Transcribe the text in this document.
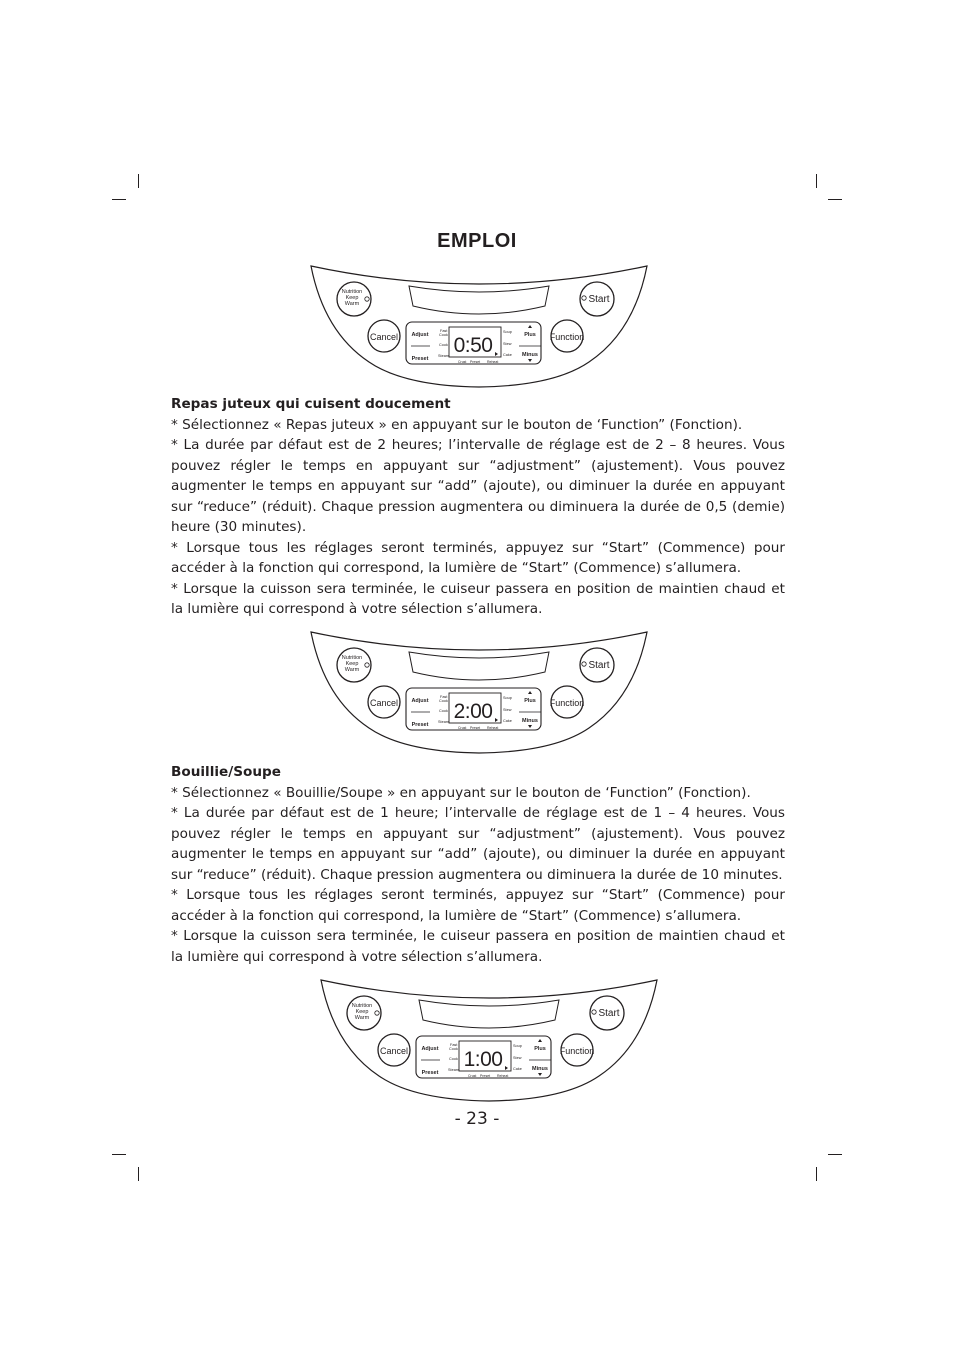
EMPLOI
Nutrition
Keep
Warm	Start
Cancel	Function
Adjust
Preset
Fast
Cook
Cook
Steam 0:50
Soup
Stew
Cake
Crust Preset Reheat
Plus
Minus
Nutrition
Keep
Warm	Start
Cancel	Function
Adjust
Preset
Fast
Cook
Cook
Steam 2:00
Soup
Stew
Cake
Crust Preset Reheat
Plus
Minus
Nutrition
Keep
Warm	Start
Cancel	Function
Adjust
Preset
Fast
Cook
Cook
Steam 1:00
Soup
Stew
Cake
Crust Preset Reheat
Plus
Minus
Repas juteux qui cuisent doucement

* Sélectionnez « Repas juteux » en appuyant sur le bouton de ‘Function” (Fonction).

* La durée par défaut est de 2 heures; l’intervalle de réglage est de 2 – 8 heures. Vous pouvez régler le temps en appuyant sur “adjustment” (ajustement). Vous pouvez augmenter le temps en appuyant sur “add” (ajoute), ou diminuer la durée en appuyant sur “reduce” (réduit). Chaque pression augmentera ou diminuera la durée de 0,5 (demie) heure (30 minutes).

* Lorsque tous les réglages seront terminés, appuyez sur “Start” (Commence) pour accéder à la fonction qui correspond, la lumière de “Start” (Commence) s’allumera.

* Lorsque la cuisson sera terminée, le cuiseur passera en position de maintien chaud et la lumière qui correspond à votre sélection s’allumera.

Bouillie/Soupe

* Sélectionnez « Bouillie/Soupe » en appuyant sur le bouton de ‘Function” (Fonction).

* La durée par défaut est de 1 heure; l’intervalle de réglage est de 1 – 4 heures. Vous pouvez régler le temps en appuyant sur “adjustment” (ajustement). Vous pouvez augmenter le temps en appuyant sur “add” (ajoute), ou diminuer la durée en appuyant sur “reduce” (réduit). Chaque pression augmentera ou diminuera la durée de 10 minutes.

* Lorsque tous les réglages seront terminés, appuyez sur “Start” (Commence) pour accéder à la fonction qui correspond, la lumière de “Start” (Commence) s’allumera.

* Lorsque la cuisson sera terminée, le cuiseur passera en position de maintien chaud et la lumière qui correspond à votre sélection s’allumera.

- 23 -
